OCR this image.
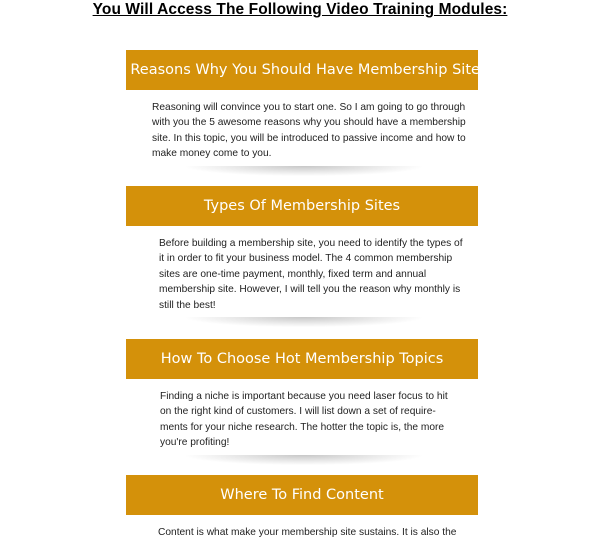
You Will Access The Following Video Training Modules:
5 Reasons Why You Should Have Membership Sites
Reasoning will convince you to start one. So I am going to go through
with you the 5 awesome reasons why you should have a membership
site. In this topic, you will be introduced to passive income and how to
make money come to you.
Types Of Membership Sites
Before building a membership site, you need to identify the types of
it in order to fit your business model. The 4 common membership
sites are one-time payment, monthly, fixed term and annual
membership site. However, I will tell you the reason why monthly is
still the best!
How To Choose Hot Membership Topics
Finding a niche is important because you need laser focus to hit
on the right kind of customers. I will list down a set of require-
ments for your niche research. The hotter the topic is, the more
you're profiting!
Where To Find Content
Content is what make your membership site sustains. It is also the
